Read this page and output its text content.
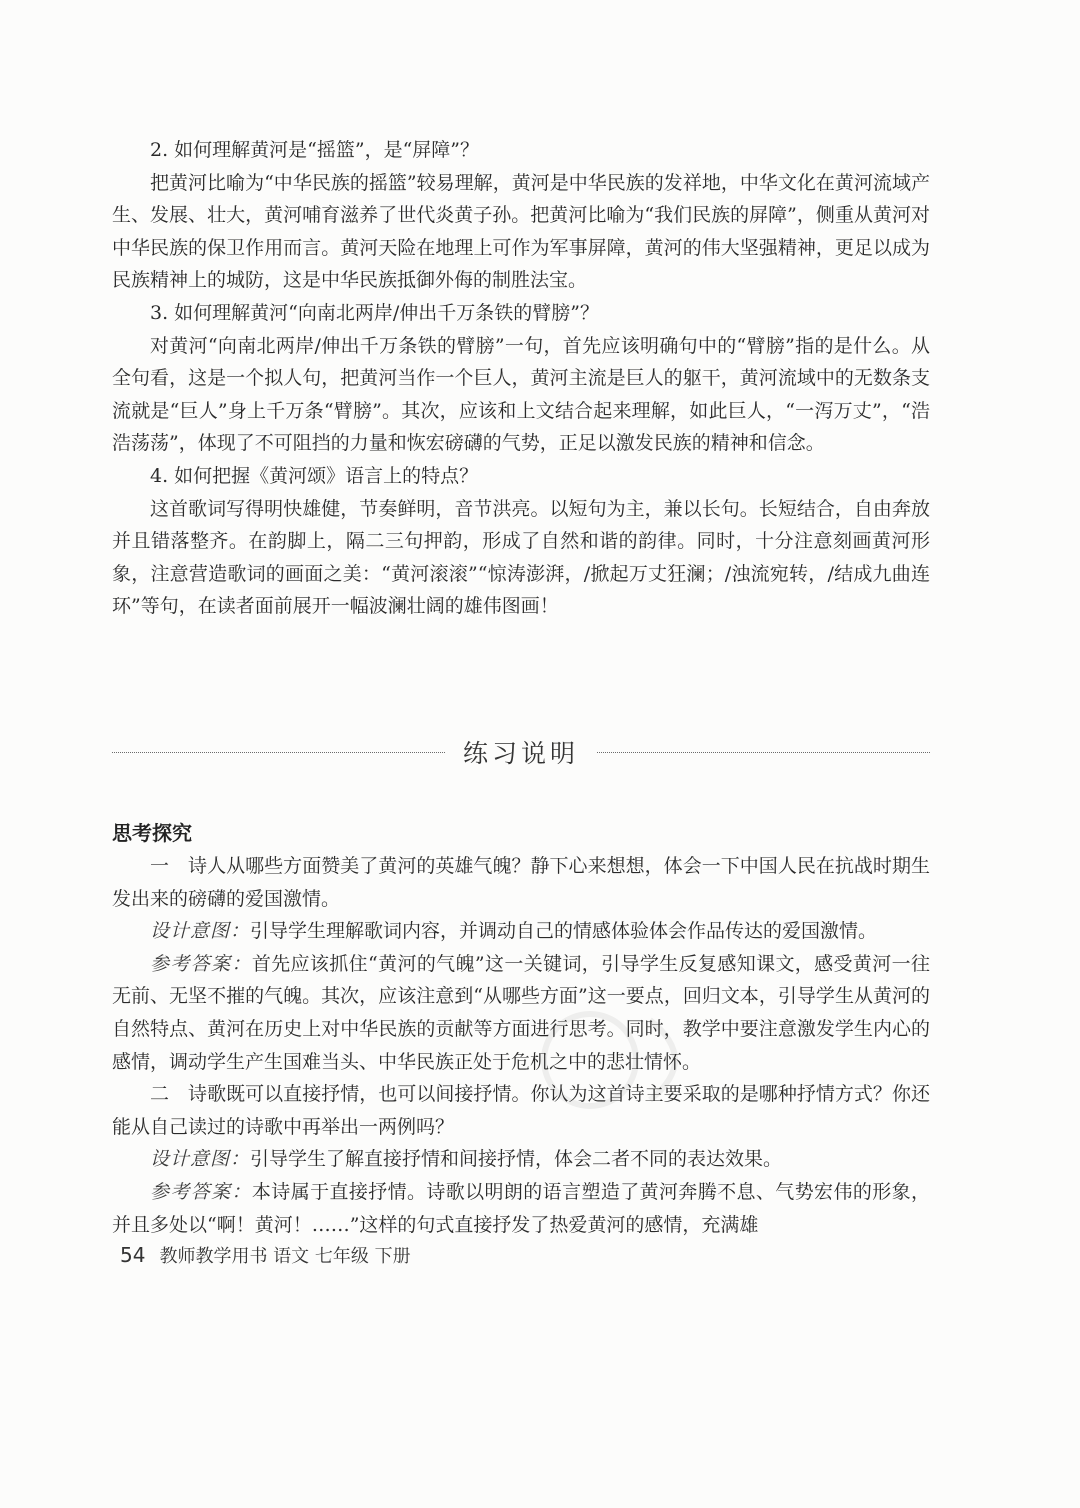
2. 如何理解黄河是“摇篮”，是“屏障”？

把黄河比喻为“中华民族的摇篮”较易理解，黄河是中华民族的发祥地，中华文化在黄河流域产生、发展、壮大，黄河哺育滋养了世代炎黄子孙。把黄河比喻为“我们民族的屏障”，侧重从黄河对中华民族的保卫作用而言。黄河天险在地理上可作为军事屏障，黄河的伟大坚强精神，更足以成为民族精神上的城防，这是中华民族抵御外侮的制胜法宝。

3. 如何理解黄河“向南北两岸/伸出千万条铁的臂膀”？

对黄河“向南北两岸/伸出千万条铁的臂膀”一句，首先应该明确句中的“臂膀”指的是什么。从全句看，这是一个拟人句，把黄河当作一个巨人，黄河主流是巨人的躯干，黄河流域中的无数条支流就是“巨人”身上千万条“臂膀”。其次，应该和上文结合起来理解，如此巨人，“一泻万丈”，“浩浩荡荡”，体现了不可阻挡的力量和恢宏磅礴的气势，正足以激发民族的精神和信念。

4. 如何把握《黄河颂》语言上的特点？

这首歌词写得明快雄健，节奏鲜明，音节洪亮。以短句为主，兼以长句。长短结合，自由奔放并且错落整齐。在韵脚上，隔二三句押韵，形成了自然和谐的韵律。同时，十分注意刻画黄河形象，注意营造歌词的画面之美：“黄河滚滚”“惊涛澎湃，/掀起万丈狂澜；/浊流宛转，/结成九曲连环”等句，在读者面前展开一幅波澜壮阔的雄伟图画！

练习说明
思考探究

一　诗人从哪些方面赞美了黄河的英雄气魄？静下心来想想，体会一下中国人民在抗战时期生发出来的磅礴的爱国激情。

设计意图：引导学生理解歌词内容，并调动自己的情感体验体会作品传达的爱国激情。

参考答案：首先应该抓住“黄河的气魄”这一关键词，引导学生反复感知课文，感受黄河一往无前、无坚不摧的气魄。其次，应该注意到“从哪些方面”这一要点，回归文本，引导学生从黄河的自然特点、黄河在历史上对中华民族的贡献等方面进行思考。同时，教学中要注意激发学生内心的感情，调动学生产生国难当头、中华民族正处于危机之中的悲壮情怀。

二　诗歌既可以直接抒情，也可以间接抒情。你认为这首诗主要采取的是哪种抒情方式？你还能从自己读过的诗歌中再举出一两例吗？

设计意图：引导学生了解直接抒情和间接抒情，体会二者不同的表达效果。

参考答案：本诗属于直接抒情。诗歌以明朗的语言塑造了黄河奔腾不息、气势宏伟的形象，并且多处以“啊！黄河！……”这样的句式直接抒发了热爱黄河的感情，充满雄

54 教师教学用书 语文 七年级 下册
